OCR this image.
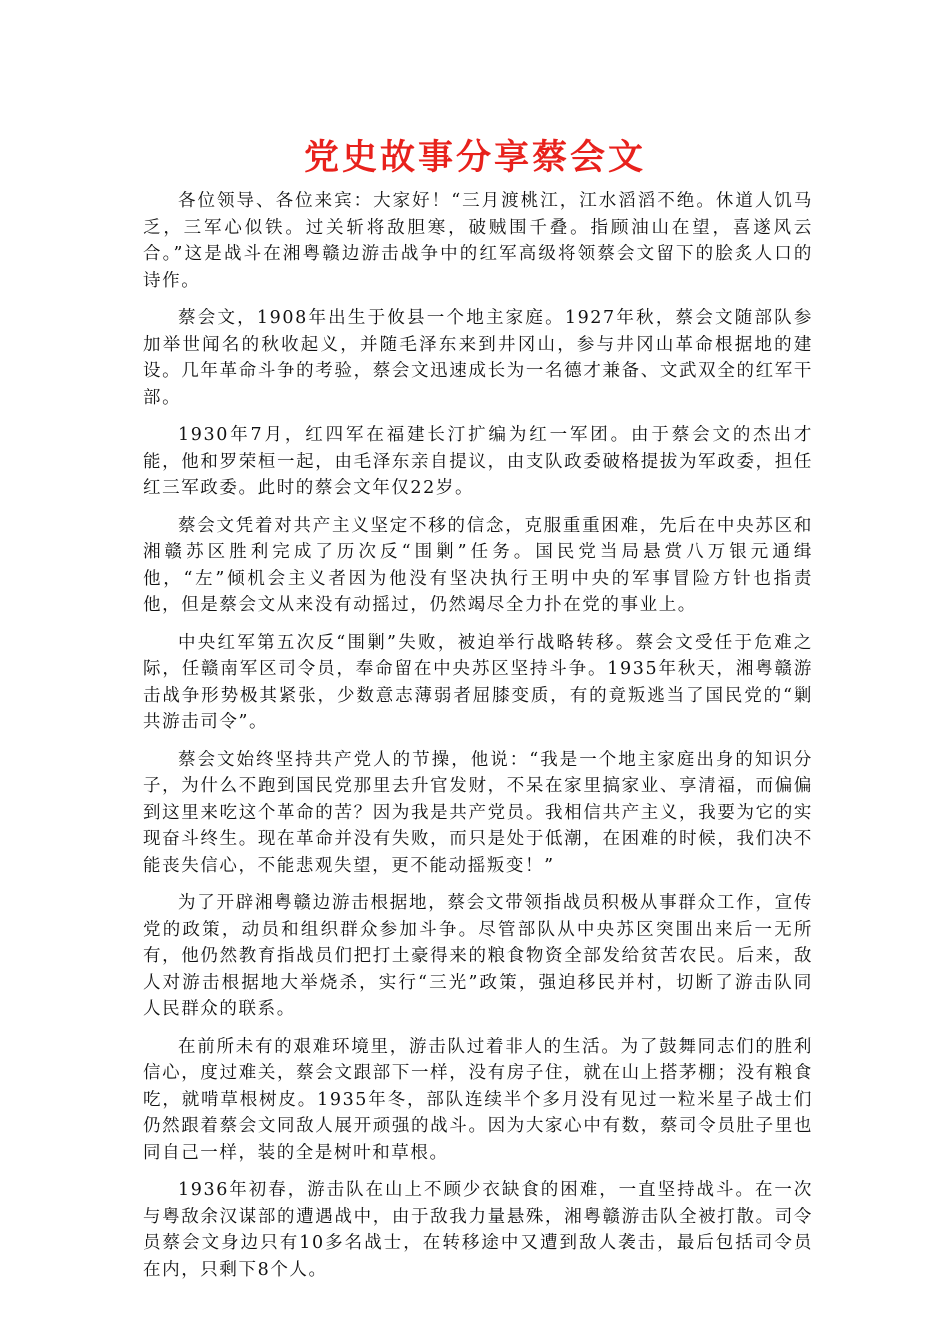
党史故事分享蔡会文

各位领导、各位来宾：大家好！“三月渡桃江，江水滔滔不绝。休道人饥马乏，三军心似铁。过关斩将敌胆寒，破贼围千叠。指顾油山在望，喜遂风云合。”这是战斗在湘粤赣边游击战争中的红军高级将领蔡会文留下的脍炙人口的诗作。

蔡会文，1908年出生于攸县一个地主家庭。1927年秋，蔡会文随部队参加举世闻名的秋收起义，并随毛泽东来到井冈山，参与井冈山革命根据地的建设。几年革命斗争的考验，蔡会文迅速成长为一名德才兼备、文武双全的红军干部。

1930年7月，红四军在福建长汀扩编为红一军团。由于蔡会文的杰出才能，他和罗荣桓一起，由毛泽东亲自提议，由支队政委破格提拔为军政委，担任红三军政委。此时的蔡会文年仅22岁。

蔡会文凭着对共产主义坚定不移的信念，克服重重困难，先后在中央苏区和湘赣苏区胜利完成了历次反“围剿”任务。国民党当局悬赏八万银元通缉他，“左”倾机会主义者因为他没有坚决执行王明中央的军事冒险方针也指责他，但是蔡会文从来没有动摇过，仍然竭尽全力扑在党的事业上。

中央红军第五次反“围剿”失败，被迫举行战略转移。蔡会文受任于危难之际，任赣南军区司令员，奉命留在中央苏区坚持斗争。1935年秋天，湘粤赣游击战争形势极其紧张，少数意志薄弱者屈膝变质，有的竟叛逃当了国民党的“剿共游击司令”。

蔡会文始终坚持共产党人的节操，他说：“我是一个地主家庭出身的知识分子，为什么不跑到国民党那里去升官发财，不呆在家里搞家业、享清福，而偏偏到这里来吃这个革命的苦？因为我是共产党员。我相信共产主义，我要为它的实现奋斗终生。现在革命并没有失败，而只是处于低潮，在困难的时候，我们决不能丧失信心，不能悲观失望，更不能动摇叛变！”

为了开辟湘粤赣边游击根据地，蔡会文带领指战员积极从事群众工作，宣传党的政策，动员和组织群众参加斗争。尽管部队从中央苏区突围出来后一无所有，他仍然教育指战员们把打土豪得来的粮食物资全部发给贫苦农民。后来，敌人对游击根据地大举烧杀，实行“三光”政策，强迫移民并村，切断了游击队同人民群众的联系。

在前所未有的艰难环境里，游击队过着非人的生活。为了鼓舞同志们的胜利信心，度过难关，蔡会文跟部下一样，没有房子住，就在山上搭茅棚；没有粮食吃，就啃草根树皮。1935年冬，部队连续半个多月没有见过一粒米星子战士们仍然跟着蔡会文同敌人展开顽强的战斗。因为大家心中有数，蔡司令员肚子里也同自己一样，装的全是树叶和草根。

1936年初春，游击队在山上不顾少衣缺食的困难，一直坚持战斗。在一次与粤敌余汉谋部的遭遇战中，由于敌我力量悬殊，湘粤赣游击队全被打散。司令员蔡会文身边只有10多名战士，在转移途中又遭到敌人袭击，最后包括司令员在内，只剩下8个人。
